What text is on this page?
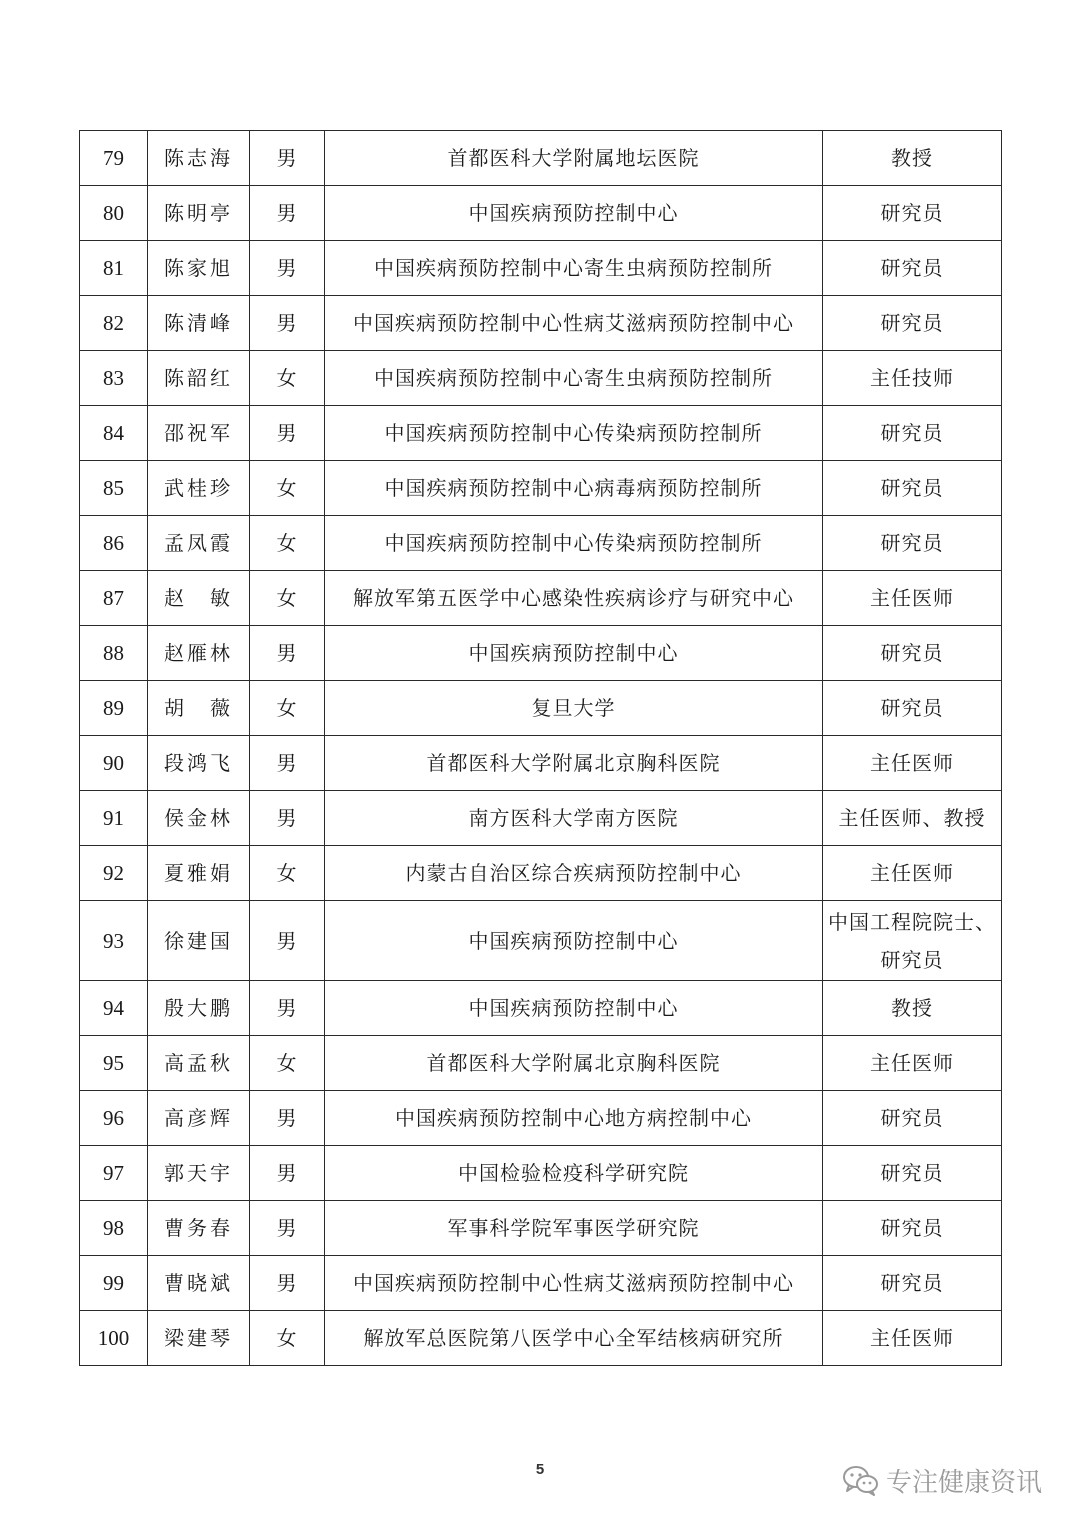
79	陈志海	男	首都医科大学附属地坛医院	教授

80	陈明亭	男	中国疾病预防控制中心	研究员

81	陈家旭	男	中国疾病预防控制中心寄生虫病预防控制所	研究员

82	陈清峰	男	中国疾病预防控制中心性病艾滋病预防控制中心	研究员

83	陈韶红	女	中国疾病预防控制中心寄生虫病预防控制所	主任技师

84	邵祝军	男	中国疾病预防控制中心传染病预防控制所	研究员

85	武桂珍	女	中国疾病预防控制中心病毒病预防控制所	研究员

86	孟凤霞	女	中国疾病预防控制中心传染病预防控制所	研究员

87	赵　敏	女	解放军第五医学中心感染性疾病诊疗与研究中心	主任医师

88	赵雁林	男	中国疾病预防控制中心	研究员

89	胡　薇	女	复旦大学	研究员

90	段鸿飞	男	首都医科大学附属北京胸科医院	主任医师

91	侯金林	男	南方医科大学南方医院	主任医师、教授

92	夏雅娟	女	内蒙古自治区综合疾病预防控制中心	主任医师

93	徐建国	男	中国疾病预防控制中心	中国工程院院士、
研究员

94	殷大鹏	男	中国疾病预防控制中心	教授

95	高孟秋	女	首都医科大学附属北京胸科医院	主任医师

96	高彦辉	男	中国疾病预防控制中心地方病控制中心	研究员

97	郭天宇	男	中国检验检疫科学研究院	研究员

98	曹务春	男	军事科学院军事医学研究院	研究员

99	曹晓斌	男	中国疾病预防控制中心性病艾滋病预防控制中心	研究员

100	梁建琴	女	解放军总医院第八医学中心全军结核病研究所	主任医师
5	专注健康资讯
